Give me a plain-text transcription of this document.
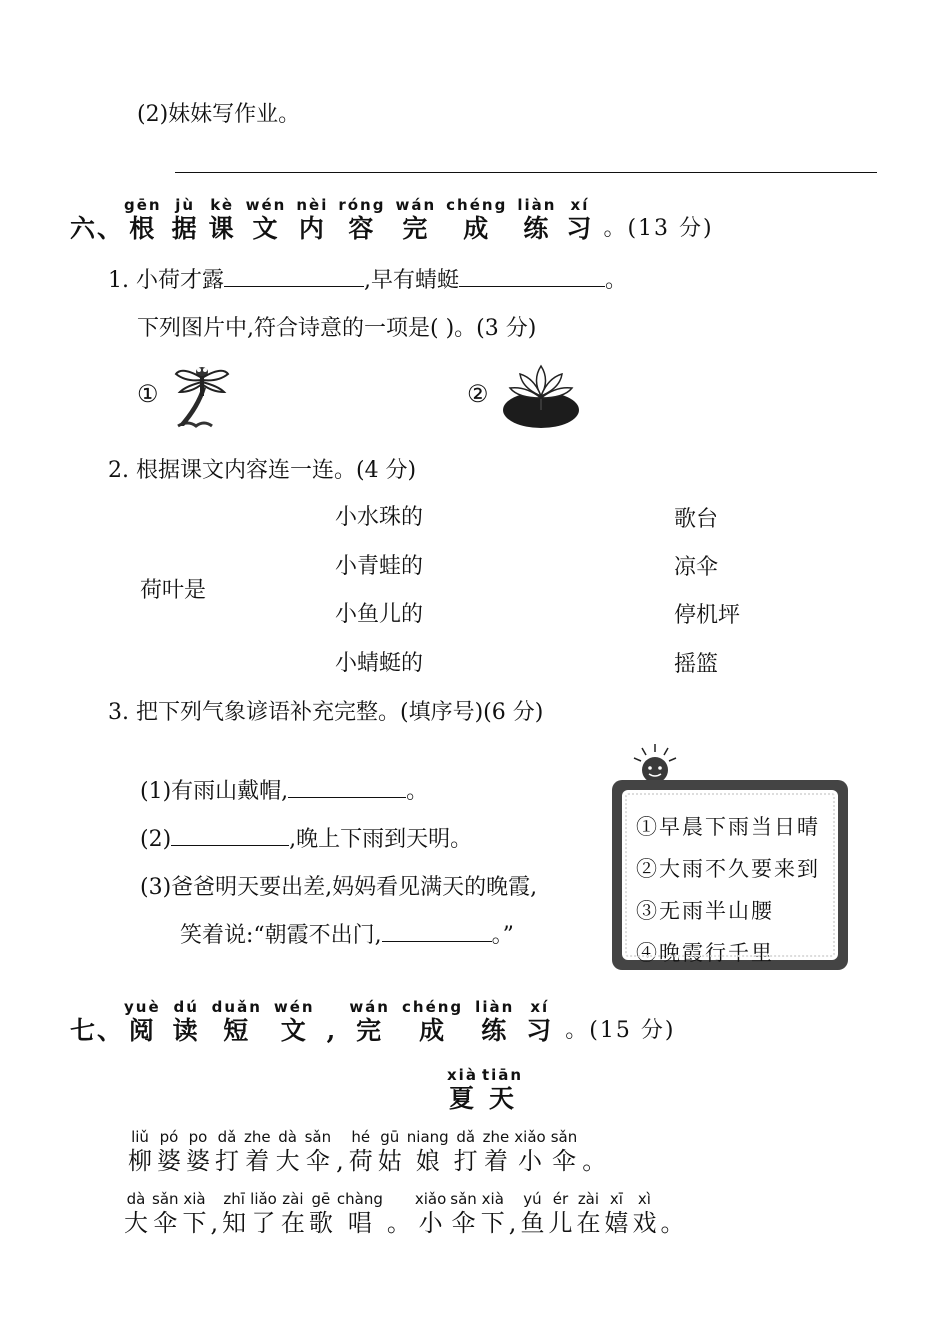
(2)妹妹写作业。
六、
gēn
根
jù
据
kè
课
wén
文
nèi
内
róng
容
wán
完
chéng
成
liàn
练
xí
习 。(13 分)
1. 小荷才露	,早有蜻蜓	。
下列图片中,符合诗意的一项是( )。(3 分)
①	②
2. 根据课文内容连一连。(4 分)
荷叶是
小水珠的
小青蛙的
小鱼儿的
小蜻蜓的
歌台
凉伞
停机坪
摇篮
3. 把下列气象谚语补充完整。(填序号)(6 分)
(1)有雨山戴帽,	。
(2)	,晚上下雨到天明。
(3)爸爸明天要出差,妈妈看见满天的晚霞,
笑着说:“朝霞不出门,	。”
①早晨下雨当日晴
②大雨不久要来到
③无雨半山腰
④晚霞行千里
七、
yuè
阅
dú
读
duǎn
短
wén
文 ,
wán
完
chéng
成
liàn
练
xí
习 。(15 分)
xià
夏
tiān
天
liǔ
柳
pó
婆
po
婆
dǎ
打
zhe
着
dà
大
sǎn
伞 ,
hé
荷
gū
姑
niang
娘
dǎ
打
zhe
着
xiǎo
小
sǎn
伞 。
dà
大
sǎn
伞
xià
下 ,
zhī
知
liǎo
了
zài
在
gē
歌
chàng
唱 。
xiǎo
小
sǎn
伞
xià
下 ,
yú
鱼
ér
儿
zài
在
xī
嬉
xì
戏 。
